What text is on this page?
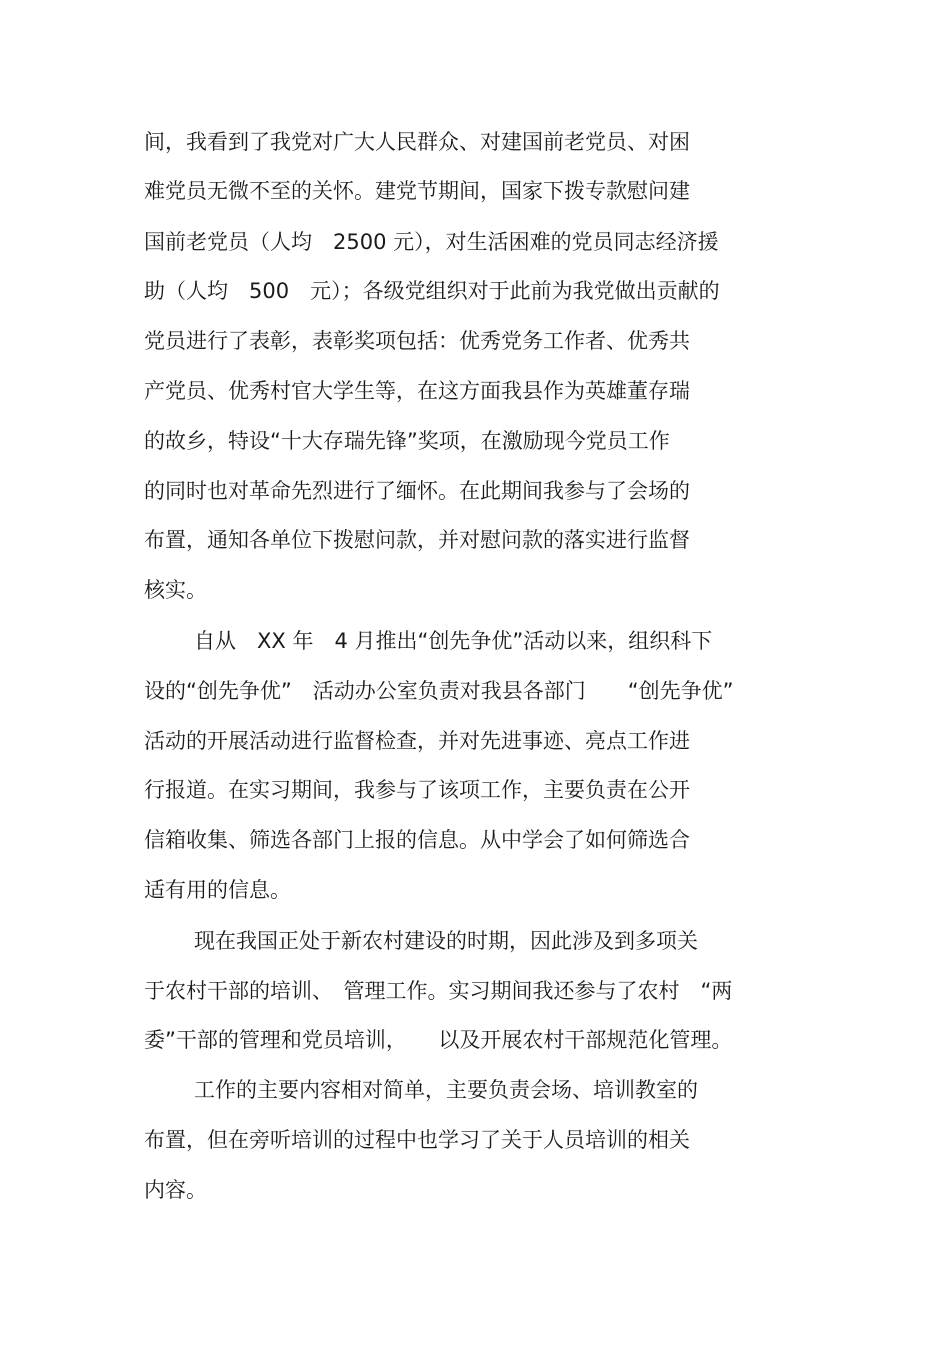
间，我看到了我党对广大人民群众、对建国前老党员、对困
难党员无微不至的关怀。建党节期间，国家下拨专款慰问建
国前老党员（人均　2500 元），对生活困难的党员同志经济援
助（人均　500　元）；各级党组织对于此前为我党做出贡献的
党员进行了表彰，表彰奖项包括：优秀党务工作者、优秀共
产党员、优秀村官大学生等，在这方面我县作为英雄董存瑞
的故乡，特设“十大存瑞先锋”奖项，在激励现今党员工作
的同时也对革命先烈进行了缅怀。在此期间我参与了会场的
布置，通知各单位下拨慰问款，并对慰问款的落实进行监督
核实。
自从　XX 年　4 月推出“创先争优”活动以来，组织科下
设的“创先争优”　活动办公室负责对我县各部门　　“创先争优”
活动的开展活动进行监督检查，并对先进事迹、亮点工作进
行报道。在实习期间，我参与了该项工作，主要负责在公开
信箱收集、筛选各部门上报的信息。从中学会了如何筛选合
适有用的信息。
现在我国正处于新农村建设的时期，因此涉及到多项关
于农村干部的培训、　管理工作。实习期间我还参与了农村　“两
委”干部的管理和党员培训，　　以及开展农村干部规范化管理。
工作的主要内容相对简单，主要负责会场、培训教室的
布置，但在旁听培训的过程中也学习了关于人员培训的相关
内容。
